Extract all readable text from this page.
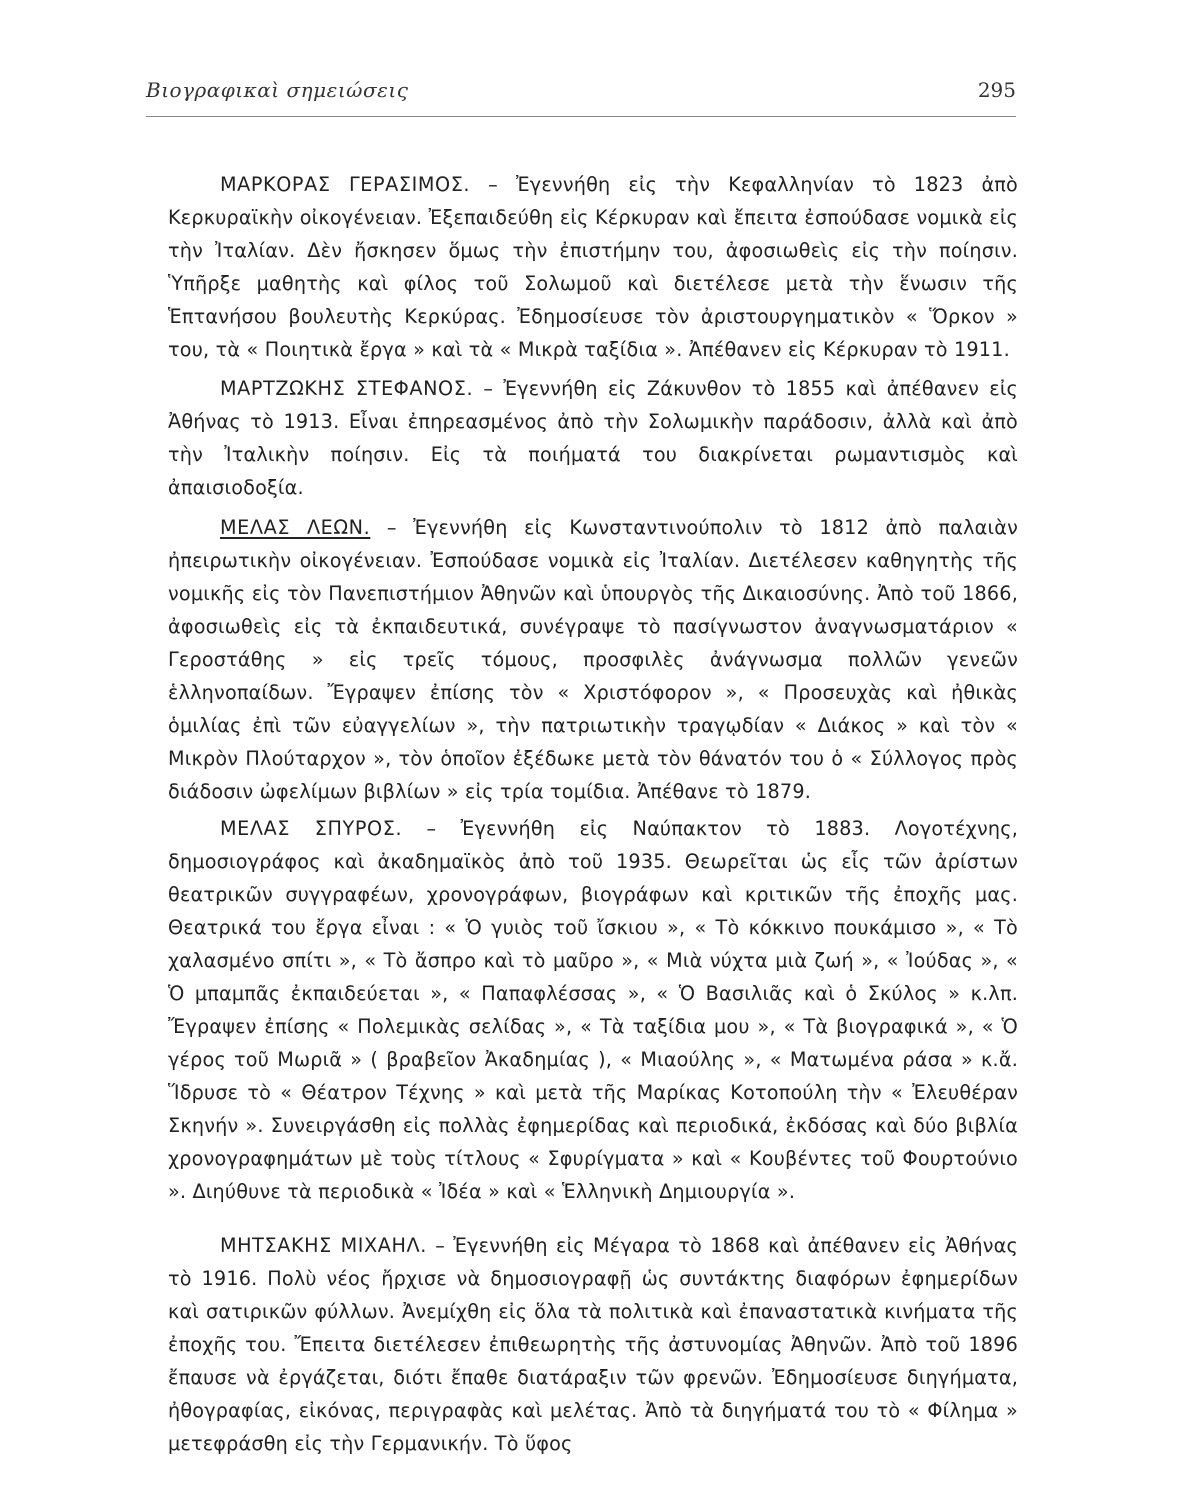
Βιογραφικαὶ σημειώσεις	295

ΜΑΡΚΟΡΑΣ ΓΕΡΑΣΙΜΟΣ. – Ἐγεννήθη εἰς τὴν Κεφαλληνίαν τὸ 1823 ἀπὸ Κερκυραϊκὴν οἰκογένειαν. Ἐξεπαιδεύθη εἰς Κέρκυραν καὶ ἔπειτα ἐσπούδασε νομικὰ εἰς τὴν Ἰταλίαν. Δὲν ἤσκησεν ὅμως τὴν ἐπιστήμην του, ἀφοσιωθεὶς εἰς τὴν ποίησιν. Ὑπῆρξε μαθητὴς καὶ φίλος τοῦ Σολωμοῦ καὶ διετέλεσε μετὰ τὴν ἕνωσιν τῆς Ἑπτανήσου βουλευτὴς Κερκύρας. Ἐδημοσίευσε τὸν ἀριστουργηματικὸν « Ὅρκον » του, τὰ « Ποιητικὰ ἔργα » καὶ τὰ « Μικρὰ ταξίδια ». Ἀπέθανεν εἰς Κέρκυραν τὸ 1911.

ΜΑΡΤΖΩΚΗΣ ΣΤΕΦΑΝΟΣ. – Ἐγεννήθη εἰς Ζάκυνθον τὸ 1855 καὶ ἀπέθανεν εἰς Ἀθήνας τὸ 1913. Εἶναι ἐπηρεασμένος ἀπὸ τὴν Σολωμικὴν παράδοσιν, ἀλλὰ καὶ ἀπὸ τὴν Ἰταλικὴν ποίησιν. Εἰς τὰ ποιήματά του διακρίνεται ρωμαντισμὸς καὶ ἀπαισιοδοξία.

ΜΕΛΑΣ ΛΕΩΝ. – Ἐγεννήθη εἰς Κωνσταντινούπολιν τὸ 1812 ἀπὸ παλαιὰν ἠπειρωτικὴν οἰκογένειαν. Ἐσπούδασε νομικὰ εἰς Ἰταλίαν. Διετέλεσεν καθηγητὴς τῆς νομικῆς εἰς τὸν Πανεπιστήμιον Ἀθηνῶν καὶ ὑπουργὸς τῆς Δικαιοσύνης. Ἀπὸ τοῦ 1866, ἀφοσιωθεὶς εἰς τὰ ἐκπαιδευτικά, συνέγραψε τὸ πασίγνωστον ἀναγνωσματάριον « Γεροστάθης » εἰς τρεῖς τόμους, προσφιλὲς ἀνάγνωσμα πολλῶν γενεῶν ἑλληνοπαίδων. Ἔγραψεν ἐπίσης τὸν « Χριστόφορον », « Προσευχὰς καὶ ἠθικὰς ὁμιλίας ἐπὶ τῶν εὐαγγελίων », τὴν πατριωτικὴν τραγῳδίαν « Διάκος » καὶ τὸν « Μικρὸν Πλούταρχον », τὸν ὁποῖον ἐξέδωκε μετὰ τὸν θάνατόν του ὁ « Σύλλογος πρὸς διάδοσιν ὠφελίμων βιβλίων » εἰς τρία τομίδια. Ἀπέθανε τὸ 1879.

ΜΕΛΑΣ ΣΠΥΡΟΣ. – Ἐγεννήθη εἰς Ναύπακτον τὸ 1883. Λογοτέχνης, δημοσιογράφος καὶ ἀκαδημαϊκὸς ἀπὸ τοῦ 1935. Θεωρεῖται ὡς εἷς τῶν ἀρίστων θεατρικῶν συγγραφέων, χρονογράφων, βιογράφων καὶ κριτικῶν τῆς ἐποχῆς μας. Θεατρικά του ἔργα εἶναι : « Ὁ γυιὸς τοῦ ἴσκιου », « Τὸ κόκκινο πουκάμισο », « Τὸ χαλασμένο σπίτι », « Τὸ ἄσπρο καὶ τὸ μαῦρο », « Μιὰ νύχτα μιὰ ζωή », « Ἰούδας », « Ὁ μπαμπᾶς ἐκπαιδεύεται », « Παπαφλέσσας », « Ὁ Βασιλιᾶς καὶ ὁ Σκύλος » κ.λπ. Ἔγραψεν ἐπίσης « Πολεμικὰς σελίδας », « Τὰ ταξίδια μου », « Τὰ βιογραφικά », « Ὁ γέρος τοῦ Μωριᾶ » ( βραβεῖον Ἀκαδημίας ), « Μιαούλης », « Ματωμένα ράσα » κ.ἄ. Ἵδρυσε τὸ « Θέατρον Τέχνης » καὶ μετὰ τῆς Μαρίκας Κοτοπούλη τὴν « Ἐλευθέραν Σκηνήν ». Συνειργάσθη εἰς πολλὰς ἐφημερίδας καὶ περιοδικά, ἐκδόσας καὶ δύο βιβλία χρονογραφημάτων μὲ τοὺς τίτλους « Σφυρίγματα » καὶ « Κουβέντες τοῦ Φουρτούνιο ». Διηύθυνε τὰ περιοδικὰ « Ἰδέα » καὶ « Ἑλληνικὴ Δημιουργία ».

ΜΗΤΣΑΚΗΣ ΜΙΧΑΗΛ. – Ἐγεννήθη εἰς Μέγαρα τὸ 1868 καὶ ἀπέθανεν εἰς Ἀθήνας τὸ 1916. Πολὺ νέος ἤρχισε νὰ δημοσιογραφῇ ὡς συντάκτης διαφόρων ἐφημερίδων καὶ σατιρικῶν φύλλων. Ἀνεμίχθη εἰς ὅλα τὰ πολιτικὰ καὶ ἐπαναστατικὰ κινήματα τῆς ἐποχῆς του. Ἔπειτα διετέλεσεν ἐπιθεωρητὴς τῆς ἀστυνομίας Ἀθηνῶν. Ἀπὸ τοῦ 1896 ἔπαυσε νὰ ἐργάζεται, διότι ἔπαθε διατάραξιν τῶν φρενῶν. Ἐδημοσίευσε διηγήματα, ἠθογραφίας, εἰκόνας, περιγραφὰς καὶ μελέτας. Ἀπὸ τὰ διηγήματά του τὸ « Φίλημα » μετεφράσθη εἰς τὴν Γερμανικήν. Τὸ ὕφος
